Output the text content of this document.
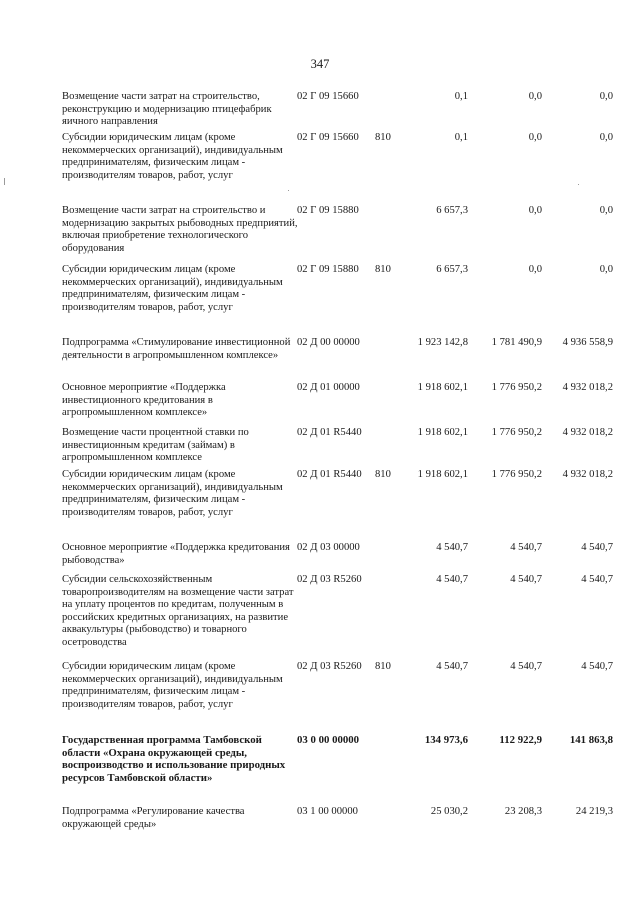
347
Возмещение части затрат на строительство, реконструкцию и модернизацию птицефабрик яичного направления
02 Г 09 15660	0,1	0,0	0,0
Субсидии юридическим лицам (кроме некоммерческих организаций), индивидуальным предпринимателям, физическим лицам - производителям товаров, работ, услуг
02 Г 09 15660	810	0,1	0,0	0,0
Возмещение части затрат на строительство и модернизацию закрытых рыбоводных предприятий, включая приобретение технологического оборудования
02 Г 09 15880	6 657,3	0,0	0,0
Субсидии юридическим лицам (кроме некоммерческих организаций), индивидуальным предпринимателям, физическим лицам - производителям товаров, работ, услуг
02 Г 09 15880	810	6 657,3	0,0	0,0
Подпрограмма «Стимулирование инвестиционной деятельности в агропромышленном комплексе»
02 Д 00 00000	1 923 142,8	1 781 490,9	4 936 558,9
Основное мероприятие «Поддержка инвестиционного кредитования в агропромышленном комплексе»
02 Д 01 00000	1 918 602,1	1 776 950,2	4 932 018,2
Возмещение части процентной ставки по инвестиционным кредитам (займам) в агропромышленном комплексе
02 Д 01 R5440	1 918 602,1	1 776 950,2	4 932 018,2
Субсидии юридическим лицам (кроме некоммерческих организаций), индивидуальным предпринимателям, физическим лицам - производителям товаров, работ, услуг
02 Д 01 R5440	810	1 918 602,1	1 776 950,2	4 932 018,2
Основное мероприятие «Поддержка кредитования рыбоводства»
02 Д 03 00000	4 540,7	4 540,7	4 540,7
Субсидии сельскохозяйственным товаропроизводителям на возмещение части затрат на уплату процентов по кредитам, полученным в российских кредитных организациях, на развитие аквакультуры (рыбоводство) и товарного осетроводства
02 Д 03 R5260	4 540,7	4 540,7	4 540,7
Субсидии юридическим лицам (кроме некоммерческих организаций), индивидуальным предпринимателям, физическим лицам - производителям товаров, работ, услуг
02 Д 03 R5260	810	4 540,7	4 540,7	4 540,7
Государственная программа Тамбовской области «Охрана окружающей среды, воспроизводство и использование природных ресурсов Тамбовской области»
03 0 00 00000	134 973,6	112 922,9	141 863,8
Подпрограмма «Регулирование качества окружающей среды»
03 1 00 00000	25 030,2	23 208,3	24 219,3
